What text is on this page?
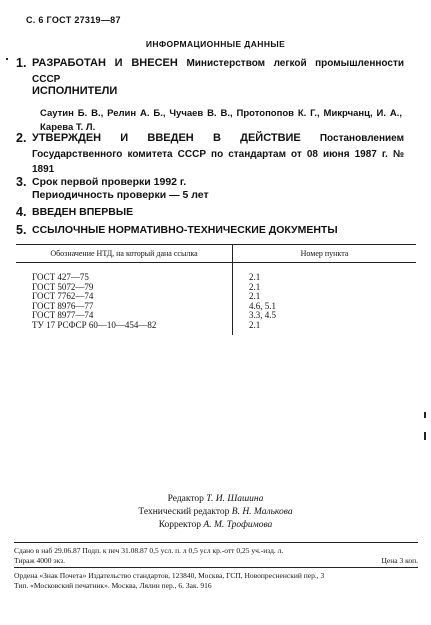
С. 6 ГОСТ 27319—87
ИНФОРМАЦИОННЫЕ ДАННЫЕ
1. РАЗРАБОТАН И ВНЕСЕН Министерством легкой промышленности СССР
ИСПОЛНИТЕЛИ
Саутин Б. В., Релин А. Б., Чучаев В. В., Протопопов К. Г., Микрчанц, И. А., Карева Т. Л.
2. УТВЕРЖДЕН И ВВЕДЕН В ДЕЙСТВИЕ Постановлением Государственного комитета СССР по стандартам от 08 июня 1987 г. № 1891
3. Срок первой проверки 1992 г.
Периодичность проверки — 5 лет
4. ВВЕДЕН ВПЕРВЫЕ
5. ССЫЛОЧНЫЕ НОРМАТИВНО-ТЕХНИЧЕСКИЕ ДОКУМЕНТЫ
Обозначение НТД, на который дана ссылка	Номер пункта

ГОСТ 427—75	2.1
ГОСТ 5072—79	2.1
ГОСТ 7762—74	2.1
ГОСТ 8976—77	4.6, 5.1
ГОСТ 8977—74	3.3, 4.5
ТУ 17 РСФСР 60—10—454—82	2.1

Редактор Т. И. Шашина
Технический редактор В. Н. Малькова
Корректор А. М. Трофимова
Сдано в наб 29.06.87 Подп. к печ 31.08.87 0,5 усл. п. л 0,5 усл кр.-отт 0,25 уч.-изд. л.
Тираж 4000 экз.	Цена 3 коп.
Ордена «Знак Почета» Издательство стандартов, 123840, Москва, ГСП, Новопресненский пер., 3
Тип. «Московский печатник». Москва, Лялин пер., 6. Зак. 916
